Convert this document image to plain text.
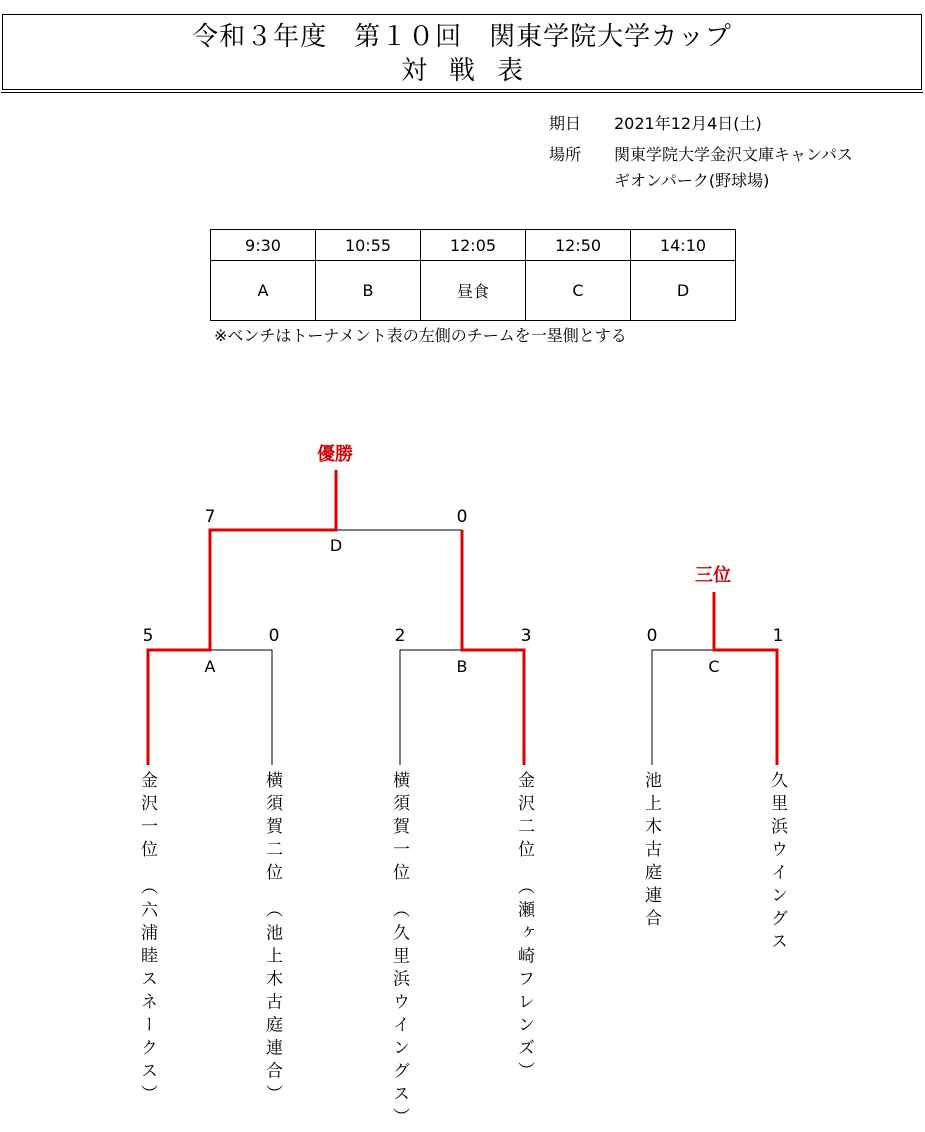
令和３年度　第１０回　関東学院大学カップ
対戦表
期日 2021年12月4日(土)
場所 関東学院大学金沢文庫キャンパス
ギオンパーク(野球場)
9:30	10:55	12:05	12:50	14:10
A	B	昼食	C	D
※ベンチはトーナメント表の左側のチームを一塁側とする
優勝
三位
D
A	B	C
7	0
5	0	2	3	0	1
金沢一位　（六浦睦スネークス）	横須賀二位　（池上木古庭連合）	横須賀一位　（久里浜ウイングス）	金沢二位　（瀬ヶ崎フレンズ）	池上木古庭連合	久里浜ウイングス
